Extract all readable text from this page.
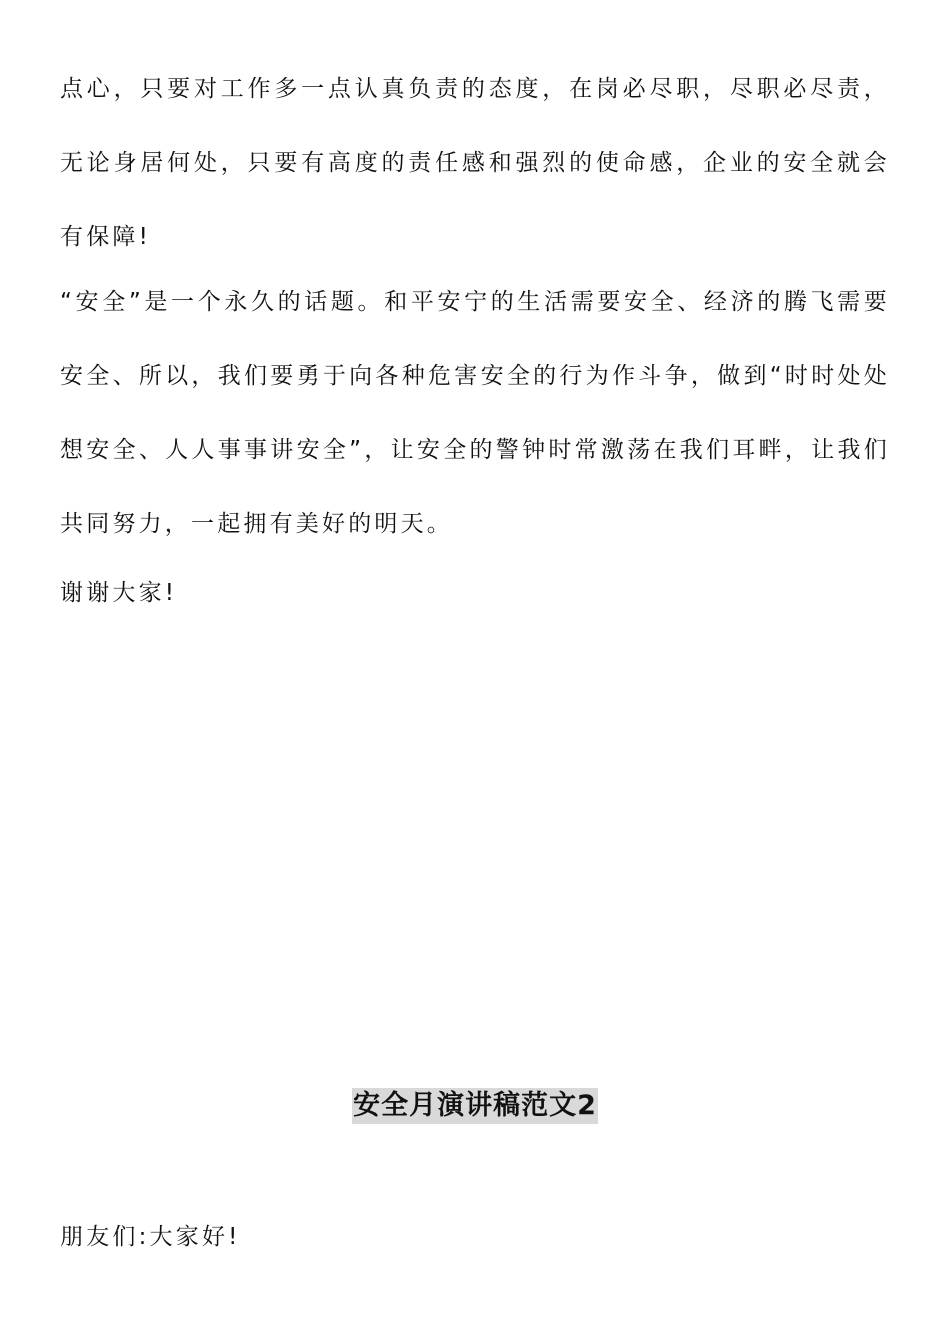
点心，只要对工作多一点认真负责的态度，在岗必尽职，尽职必尽责，无论身居何处，只要有高度的责任感和强烈的使命感，企业的安全就会有保障!

“安全”是一个永久的话题。和平安宁的生活需要安全、经济的腾飞需要安全、所以，我们要勇于向各种危害安全的行为作斗争，做到“时时处处想安全、人人事事讲安全”，让安全的警钟时常激荡在我们耳畔，让我们共同努力，一起拥有美好的明天。

谢谢大家!

安全月演讲稿范文2

朋友们:大家好!
